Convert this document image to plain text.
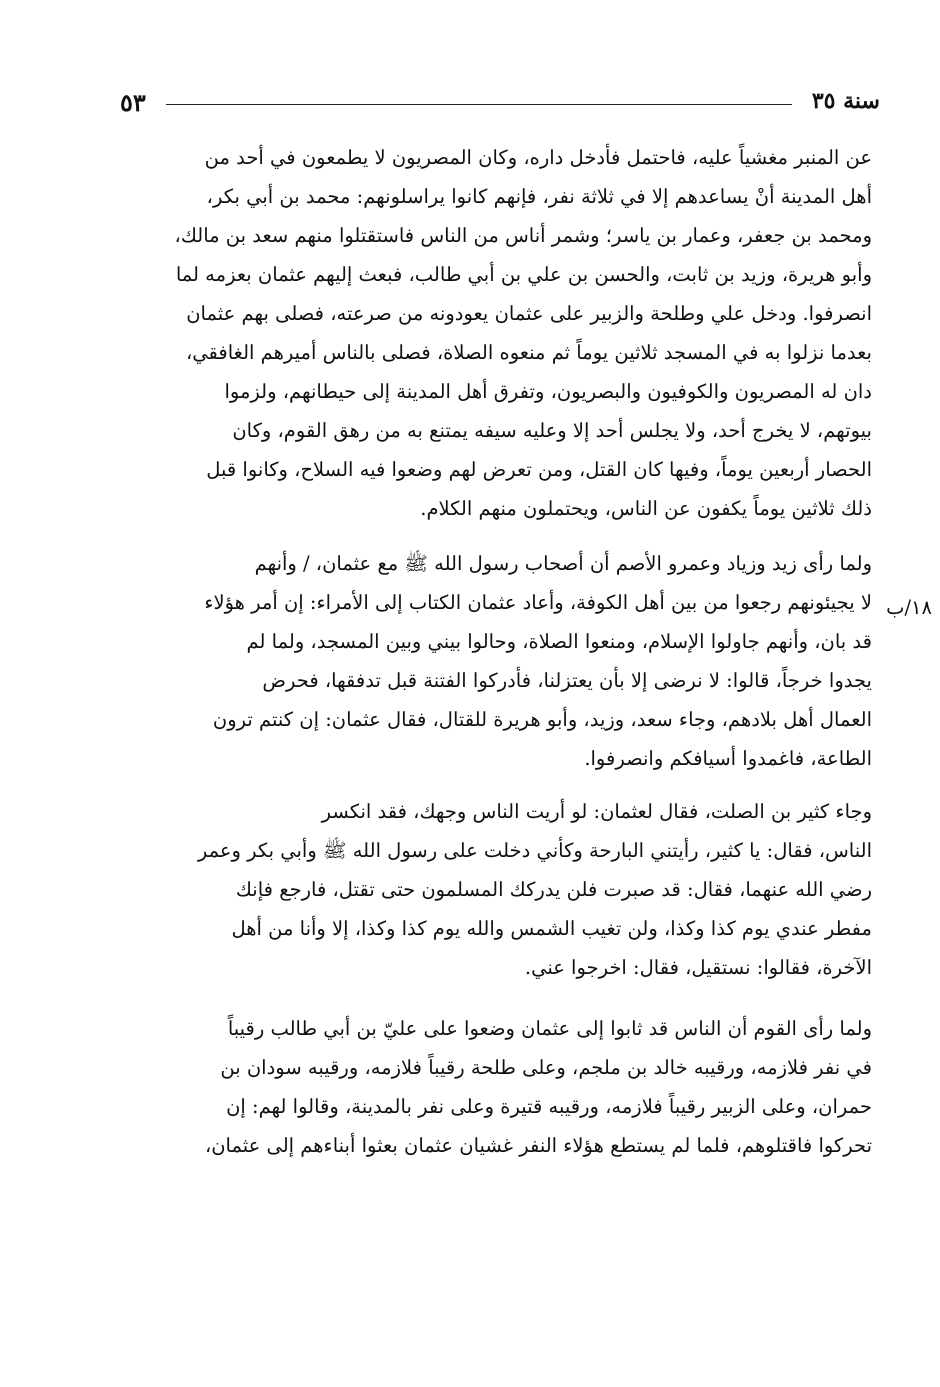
ﺳﻨﺔ ٣٥
٥٣
١٨/ب
عن المنبر مغشياً عليه، فاحتمل فأدخل داره، وكان المصريون لا يطمعون في أحد من
أهل المدينة أنْ يساعدهم إلا في ثلاثة نفر، فإنهم كانوا يراسلونهم: محمد بن أبي بكر،
ومحمد بن جعفر، وعمار بن ياسر؛ وشمر أناس من الناس فاستقتلوا منهم سعد بن مالك،
وأبو هريرة، وزيد بن ثابت، والحسن بن علي بن أبي طالب، فبعث إليهم عثمان بعزمه لما
انصرفوا. ودخل علي وطلحة والزبير على عثمان يعودونه من صرعته، فصلى بهم عثمان
بعدما نزلوا به في المسجد ثلاثين يوماً ثم منعوه الصلاة، فصلى بالناس أميرهم الغافقي،
دان له المصريون والكوفيون والبصريون، وتفرق أهل المدينة إلى حيطانهم، ولزموا
بيوتهم، لا يخرج أحد، ولا يجلس أحد إلا وعليه سيفه يمتنع به من رهق القوم، وكان
الحصار أربعين يوماً، وفيها كان القتل، ومن تعرض لهم وضعوا فيه السلاح، وكانوا قبل
ذلك ثلاثين يوماً يكفون عن الناس، ويحتملون منهم الكلام.
ولما رأى زيد وزياد وعمرو الأصم أن أصحاب رسول الله ﷺ مع عثمان، / وأنهم
لا يجيئونهم رجعوا من بين أهل الكوفة، وأعاد عثمان الكتاب إلى الأمراء: إن أمر هؤلاء
قد بان، وأنهم جاولوا الإسلام، ومنعوا الصلاة، وحالوا بيني وبين المسجد، ولما لم
يجدوا خرجاً، قالوا: لا نرضى إلا بأن يعتزلنا، فأدركوا الفتنة قبل تدفقها، فحرض
العمال أهل بلادهم، وجاء سعد، وزيد، وأبو هريرة للقتال، فقال عثمان: إن كنتم ترون
الطاعة، فاغمدوا أسيافكم وانصرفوا.
وجاء كثير بن الصلت، فقال لعثمان: لو أريت الناس وجهك، فقد انكسر
الناس، فقال: يا كثير، رأيتني البارحة وكأني دخلت على رسول الله ﷺ وأبي بكر وعمر
رضي الله عنهما، فقال: قد صبرت فلن يدركك المسلمون حتى تقتل، فارجع فإنك
مفطر عندي يوم كذا وكذا، ولن تغيب الشمس والله يوم كذا وكذا، إلا وأنا من أهل
الآخرة، فقالوا: نستقيل، فقال: اخرجوا عني.
ولما رأى القوم أن الناس قد ثابوا إلى عثمان وضعوا على عليّ بن أبي طالب رقيباً
في نفر فلازمه، ورقيبه خالد بن ملجم، وعلى طلحة رقيباً فلازمه، ورقيبه سودان بن
حمران، وعلى الزبير رقيباً فلازمه، ورقيبه قتيرة وعلى نفر بالمدينة، وقالوا لهم: إن
تحركوا فاقتلوهم، فلما لم يستطع هؤلاء النفر غشيان عثمان بعثوا أبناءهم إلى عثمان،
